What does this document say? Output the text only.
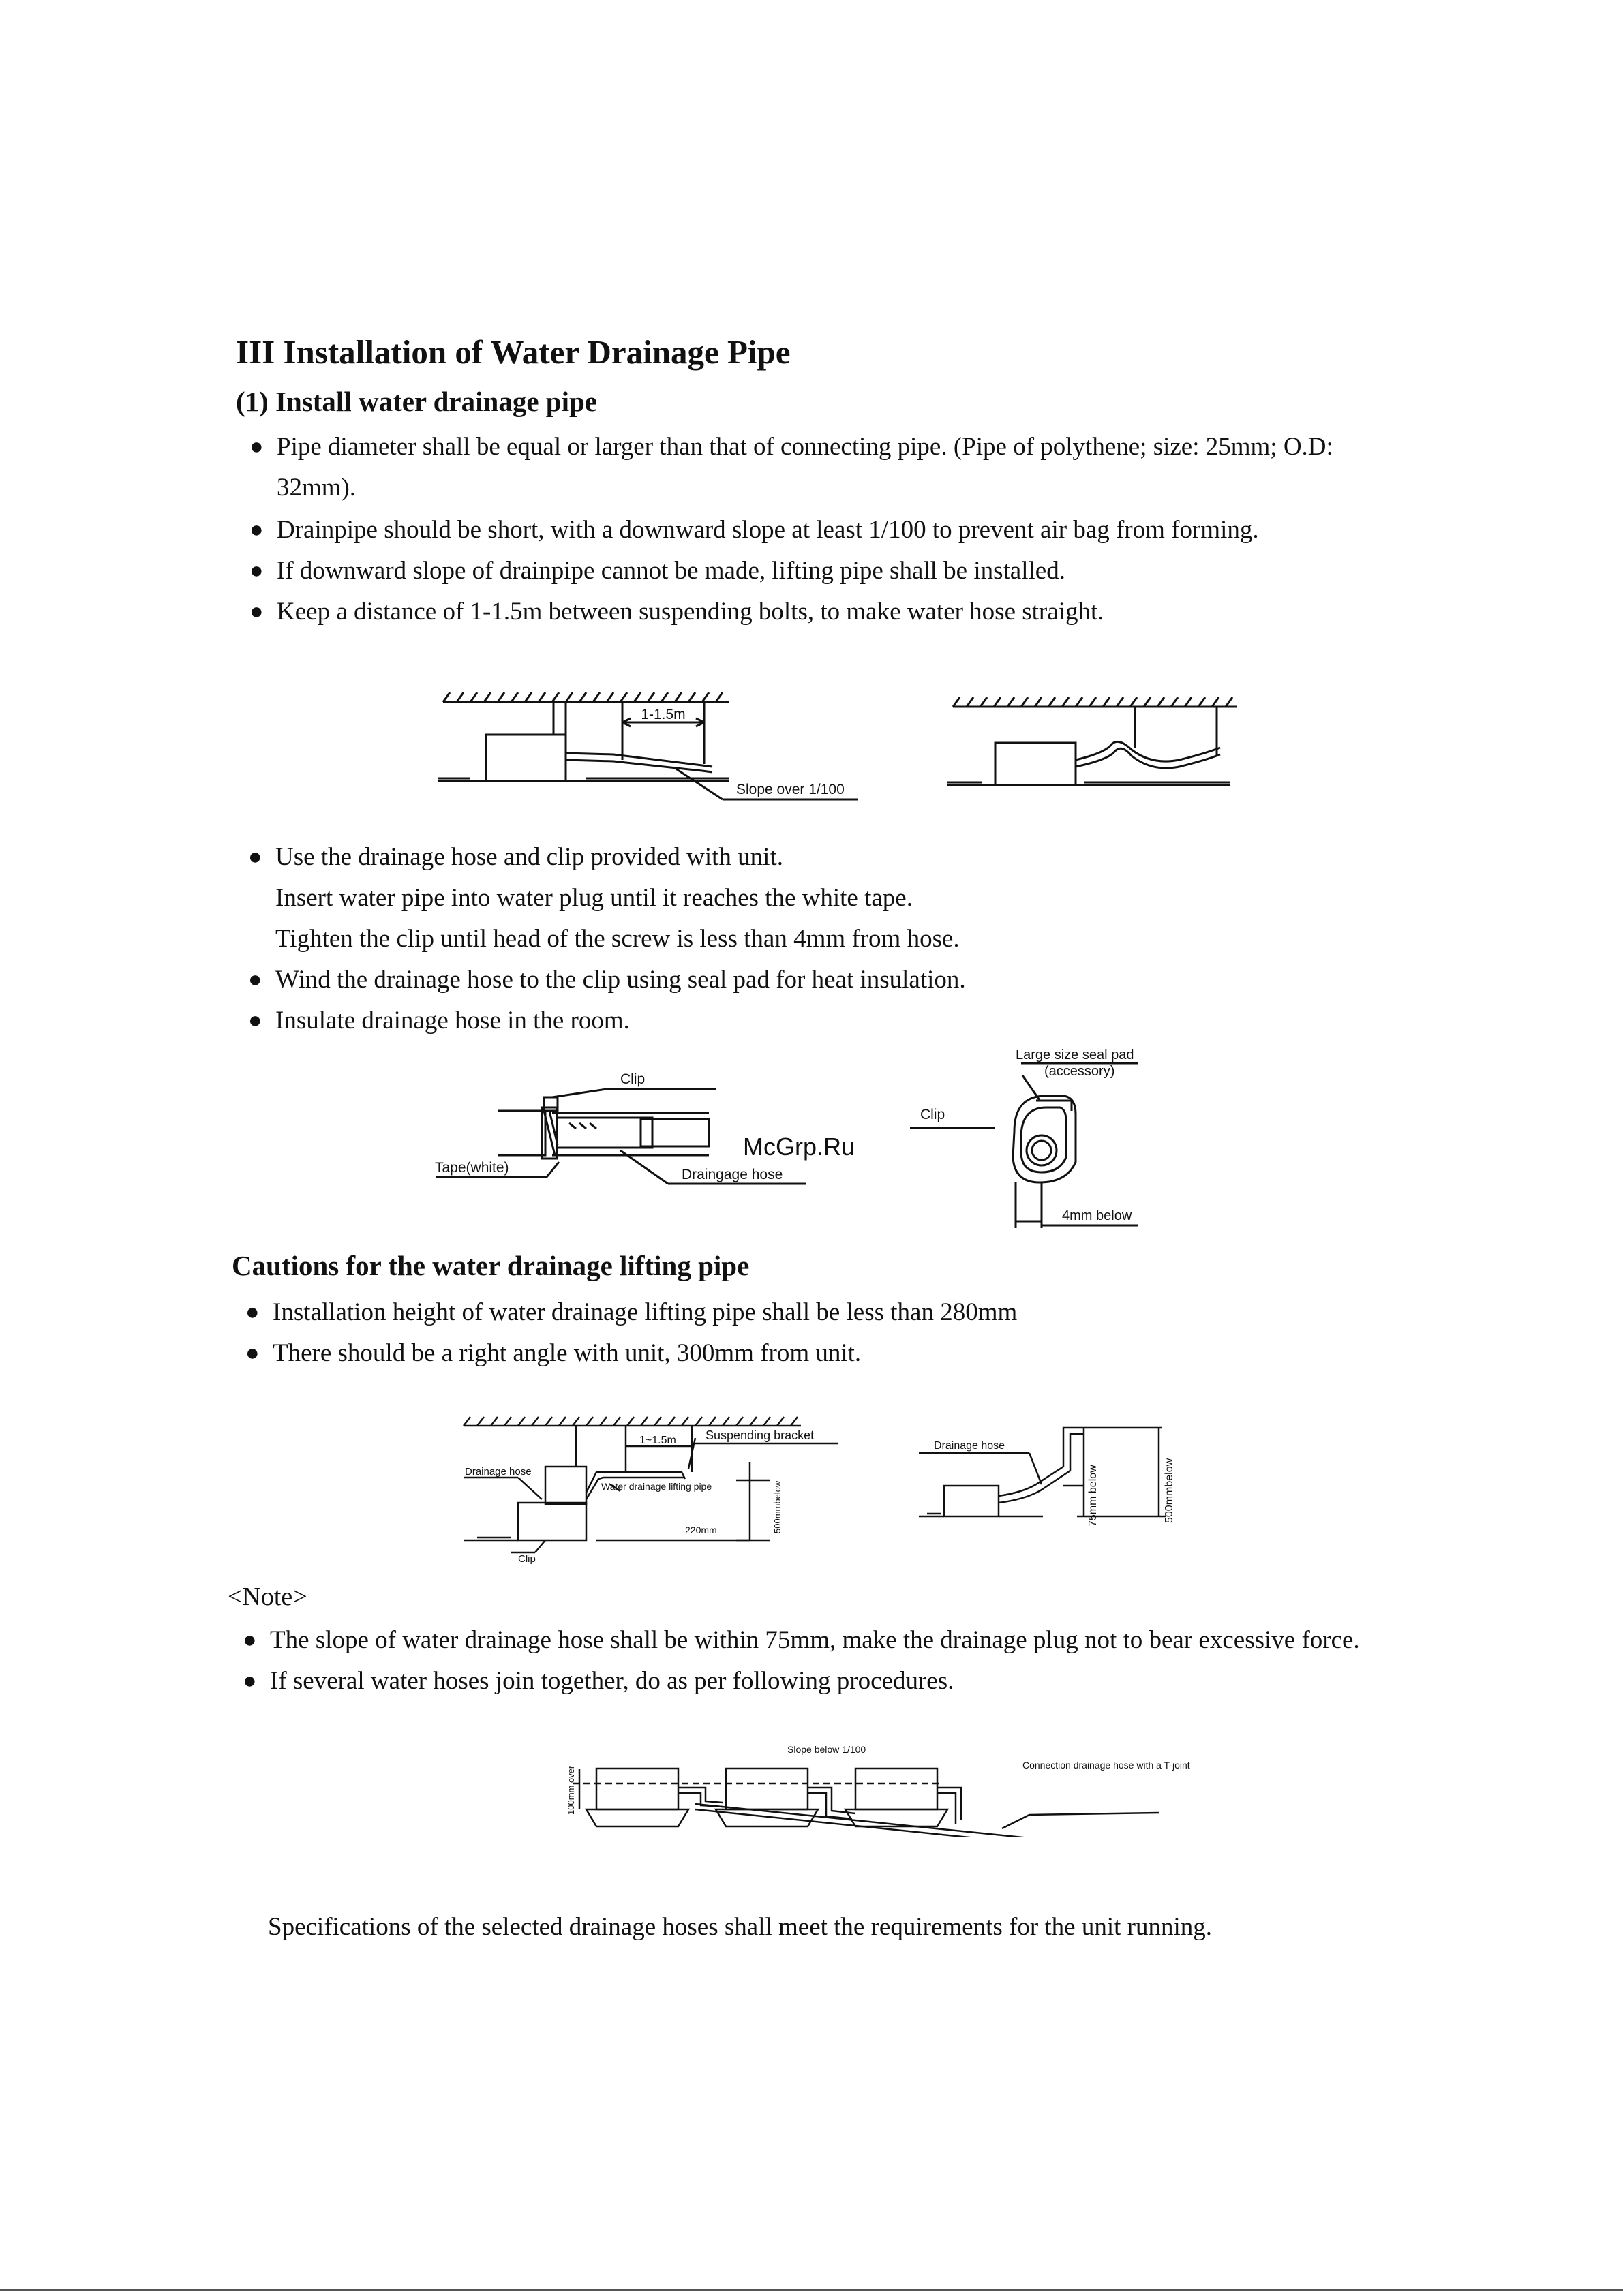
III Installation of Water Drainage Pipe
(1) Install water drainage pipe
● Pipe diameter shall be equal or larger than that of connecting pipe. (Pipe of polythene; size: 25mm; O.D:
32mm).
● Drainpipe should be short, with a downward slope at least 1/100 to prevent air bag from forming.
● If downward slope of drainpipe cannot be made, lifting pipe shall be installed.
● Keep a distance of 1-1.5m between suspending bolts, to make water hose straight.
1-1.5m
Slope over 1/100
● Use the drainage hose and clip provided with unit.
Insert water pipe into water plug until it reaches the white tape.
Tighten the clip until head of the screw is less than 4mm from hose.
● Wind the drainage hose to the clip using seal pad for heat insulation.
● Insulate drainage hose in the room.
Clip
Tape(white)	Draingage hose
Large size seal pad
(accessory)
Clip
4mm below
McGrp.Ru
Cautions for the water drainage lifting pipe
● Installation height of water drainage lifting pipe shall be less than 280mm
● There should be a right angle with unit, 300mm from unit.
1~1.5m Suspending bracket
Drainage hose
Water drainage lifting pipe
220mm
Clip
500mmbelow
Drainage hose
75mm below	500mmbelow
<Note>
● The slope of water drainage hose shall be within 75mm, make the drainage plug not to bear excessive force.
● If several water hoses join together, do as per following procedures.
Slope below 1/100
100mm over
Connection drainage hose with a T-joint
Specifications of the selected drainage hoses shall meet the requirements for the unit running.
